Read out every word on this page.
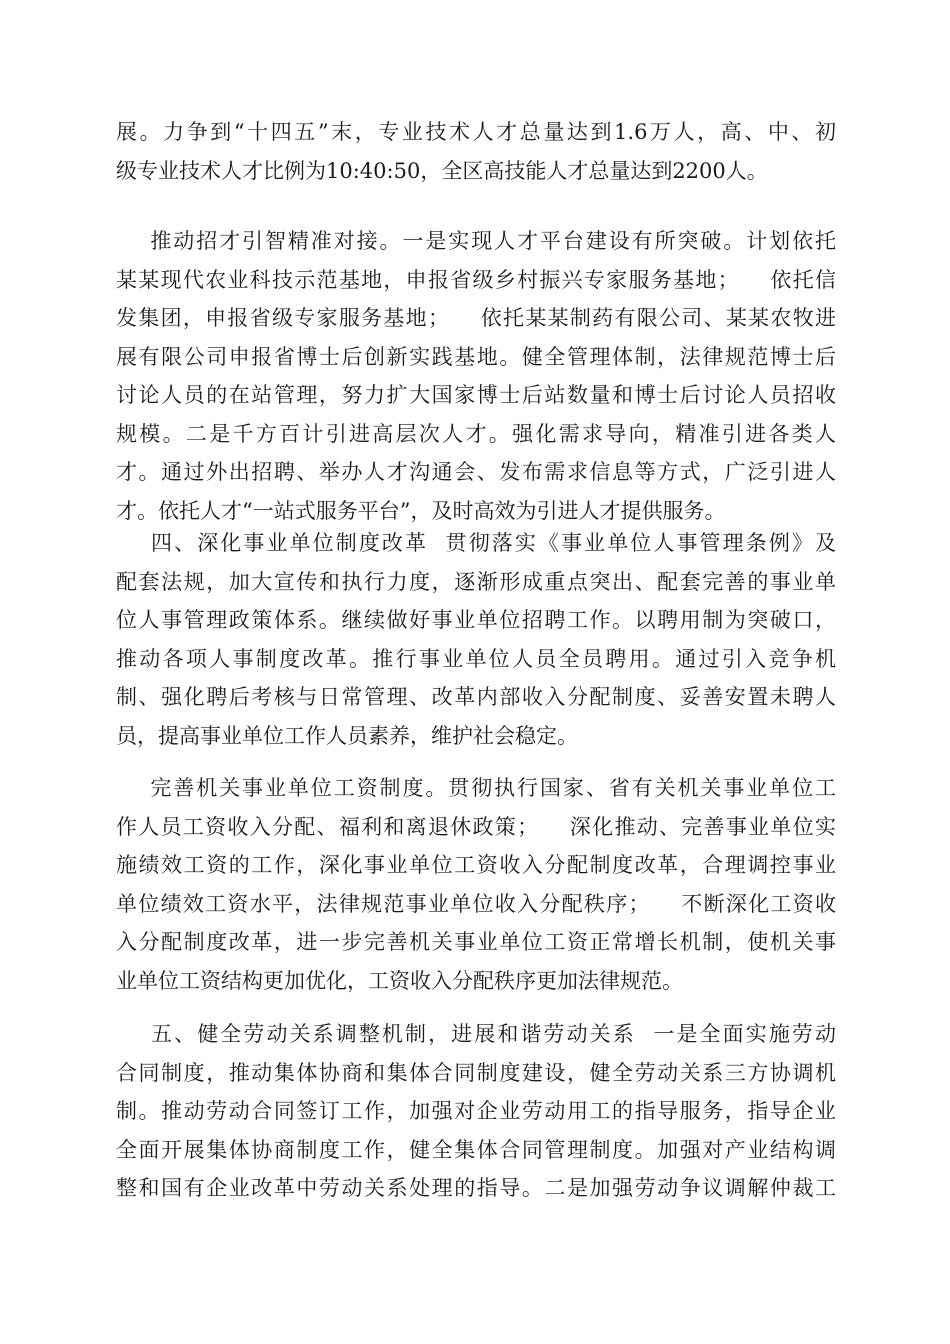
展。力争到“十四五”末，专业技术人才总量达到1.6万人，高、中、初
级专业技术人才比例为10:40:50，全区高技能人才总量达到2200人。
推动招才引智精准对接。一是实现人才平台建设有所突破。计划依托
某某现代农业科技示范基地，申报省级乡村振兴专家服务基地；    依托信
发集团，申报省级专家服务基地；    依托某某制药有限公司、某某农牧进
展有限公司申报省博士后创新实践基地。健全管理体制，法律规范博士后
讨论人员的在站管理，努力扩大国家博士后站数量和博士后讨论人员招收
规模。二是千方百计引进高层次人才。强化需求导向，精准引进各类人
才。通过外出招聘、举办人才沟通会、发布需求信息等方式，广泛引进人
才。依托人才“一站式服务平台”，及时高效为引进人才提供服务。
四、深化事业单位制度改革  贯彻落实《事业单位人事管理条例》及
配套法规，加大宣传和执行力度，逐渐形成重点突出、配套完善的事业单
位人事管理政策体系。继续做好事业单位招聘工作。以聘用制为突破口，
推动各项人事制度改革。推行事业单位人员全员聘用。通过引入竞争机
制、强化聘后考核与日常管理、改革内部收入分配制度、妥善安置未聘人
员，提高事业单位工作人员素养，维护社会稳定。
完善机关事业单位工资制度。贯彻执行国家、省有关机关事业单位工
作人员工资收入分配、福利和离退休政策；    深化推动、完善事业单位实
施绩效工资的工作，深化事业单位工资收入分配制度改革，合理调控事业
单位绩效工资水平，法律规范事业单位收入分配秩序；    不断深化工资收
入分配制度改革，进一步完善机关事业单位工资正常增长机制，使机关事
业单位工资结构更加优化，工资收入分配秩序更加法律规范。
五、健全劳动关系调整机制，进展和谐劳动关系  一是全面实施劳动
合同制度，推动集体协商和集体合同制度建设，健全劳动关系三方协调机
制。推动劳动合同签订工作，加强对企业劳动用工的指导服务，指导企业
全面开展集体协商制度工作，健全集体合同管理制度。加强对产业结构调
整和国有企业改革中劳动关系处理的指导。二是加强劳动争议调解仲裁工
